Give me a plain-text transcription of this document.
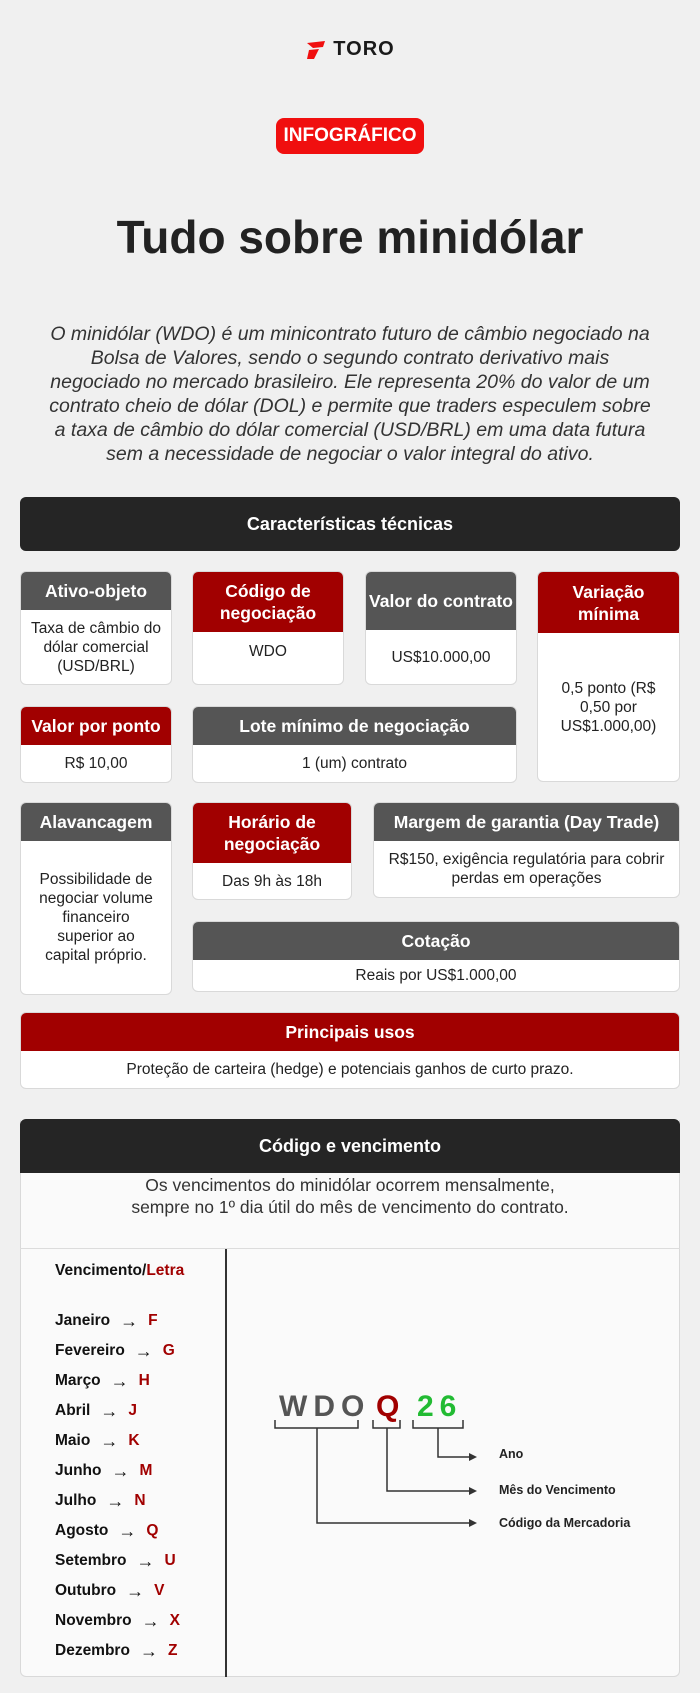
TORO
INFOGRÁFICO
Tudo sobre minidólar

O minidólar (WDO) é um minicontrato futuro de câmbio negociado na Bolsa de Valores, sendo o segundo contrato derivativo mais negociado no mercado brasileiro. Ele representa 20% do valor de um contrato cheio de dólar (DOL) e permite que traders especulem sobre a taxa de câmbio do dólar comercial (USD/BRL) em uma data futura sem a necessidade de negociar o valor integral do ativo.

Características técnicas
Ativo-objeto
Taxa de câmbio do dólar comercial (USD/BRL)
Código de negociação
WDO
Valor do contrato
US$10.000,00
Variação mínima
0,5 ponto (R$ 0,50 por US$1.000,00)
Valor por ponto
R$ 10,00
Lote mínimo de negociação
1 (um) contrato
Alavancagem
Possibilidade de negociar volume financeiro superior ao capital próprio.
Horário de negociação
Das 9h às 18h
Margem de garantia (Day Trade)
R$150, exigência regulatória para cobrir perdas em operações
Cotação
Reais por US$1.000,00
Principais usos
Proteção de carteira (hedge) e potenciais ganhos de curto prazo.
Código e vencimento
Os vencimentos do minidólar ocorrem mensalmente,
sempre no 1º dia útil do mês de vencimento do contrato.
Vencimento/Letra
Janeiro → F
Fevereiro → G
Março → H
Abril → J
Maio → K
Junho → M
Julho → N
Agosto → Q
Setembro → U
Outubro → V
Novembro → X
Dezembro → Z
WDO Q 26
Ano
Mês do Vencimento
Código da Mercadoria
